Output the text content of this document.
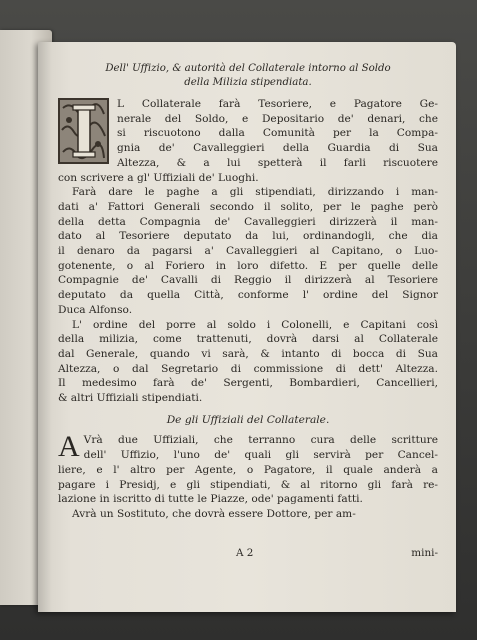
Dell' Uffizio, & autorità del Collaterale intorno al Soldo
della Milizia stipendiata.

L Collaterale farà Tesoriere, e Pagatore Ge-
nerale del Soldo, e Depositario de' denari, che
si riscuotono dalla Comunità per la Compa-
gnia de' Cavalleggieri della Guardia di Sua
Altezza, & a lui spetterà il farli riscuotere
con scrivere a gl' Uffiziali de' Luoghi.

Farà dare le paghe a gli stipendiati, dirizzando i man-
dati a' Fattori Generali secondo il solito, per le paghe però
della detta Compagnia de' Cavalleggieri dirizzerà il man-
dato al Tesoriere deputato da lui, ordinandogli, che dia
il denaro da pagarsi a' Cavalleggieri al Capitano, o Luo-
gotenente, o al Foriero in loro difetto. E per quelle delle
Compagnie de' Cavalli di Reggio il dirizzerà al Tesoriere
deputato da quella Città, conforme l' ordine del Signor
Duca Alfonso.

L' ordine del porre al soldo i Colonelli, e Capitani così
della milizia, come trattenuti, dovrà darsi al Collaterale
dal Generale, quando vi sarà, & intanto di bocca di Sua
Altezza, o dal Segretario di commissione di dett' Altezza.
Il medesimo farà de' Sergenti, Bombardieri, Cancellieri,
& altri Uffiziali stipendiati.

De gli Uffiziali del Collaterale.
A Vrà due Uffiziali, che terranno cura delle scritture
dell' Uffizio, l'uno de' quali gli servirà per Cancel-
liere, e l' altro per Agente, o Pagatore, il quale anderà a
pagare i Presidj, e gli stipendiati, & al ritorno gli farà re-
lazione in iscritto di tutte le Piazze, ode' pagamenti fatti.

Avrà un Sostituto, che dovrà essere Dottore, per am-

A 2	mini-
